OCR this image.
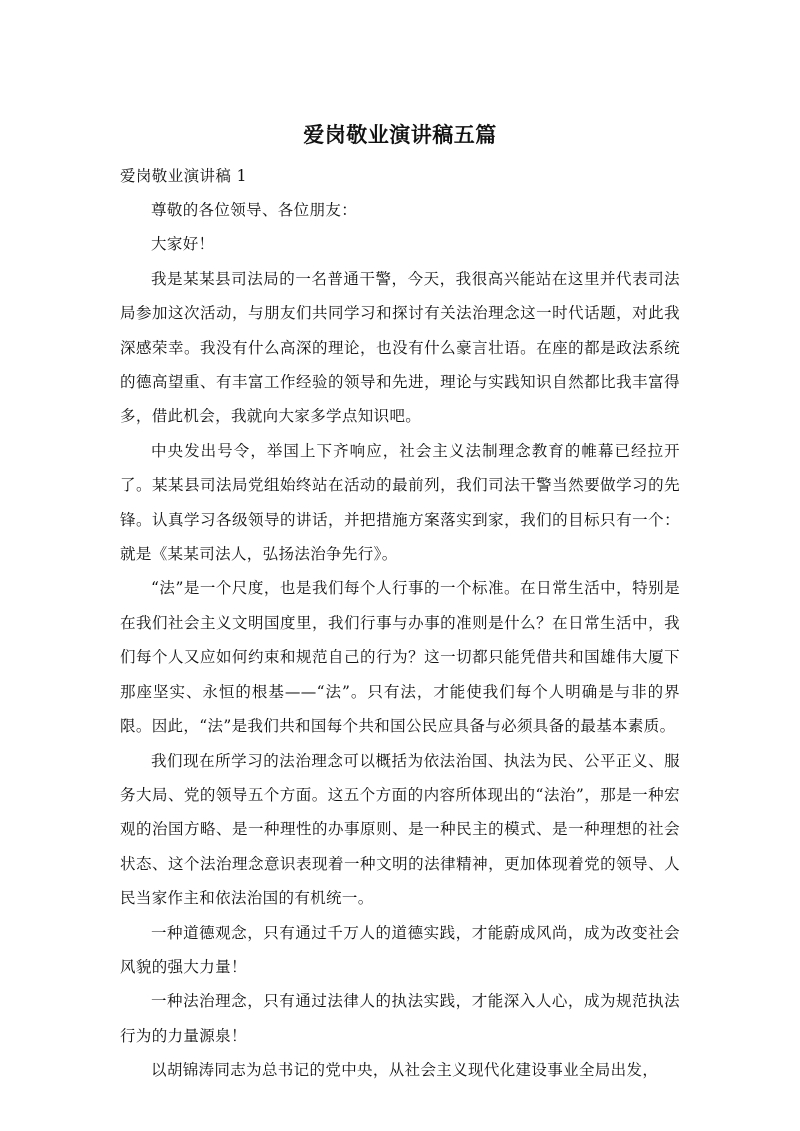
爱岗敬业演讲稿五篇
爱岗敬业演讲稿 1

尊敬的各位领导、各位朋友：

大家好！

我是某某县司法局的一名普通干警，今天，我很高兴能站在这里并代表司法局参加这次活动，与朋友们共同学习和探讨有关法治理念这一时代话题，对此我深感荣幸。我没有什么高深的理论，也没有什么豪言壮语。在座的都是政法系统的德高望重、有丰富工作经验的领导和先进，理论与实践知识自然都比我丰富得多，借此机会，我就向大家多学点知识吧。

中央发出号令，举国上下齐响应，社会主义法制理念教育的帷幕已经拉开了。某某县司法局党组始终站在活动的最前列，我们司法干警当然要做学习的先锋。认真学习各级领导的讲话，并把措施方案落实到家，我们的目标只有一个：就是《某某司法人，弘扬法治争先行》。

“法”是一个尺度，也是我们每个人行事的一个标准。在日常生活中，特别是在我们社会主义文明国度里，我们行事与办事的准则是什么？在日常生活中，我们每个人又应如何约束和规范自己的行为？这一切都只能凭借共和国雄伟大厦下那座坚实、永恒的根基——“法”。只有法，才能使我们每个人明确是与非的界限。因此，“法”是我们共和国每个共和国公民应具备与必须具备的最基本素质。

我们现在所学习的法治理念可以概括为依法治国、执法为民、公平正义、服务大局、党的领导五个方面。这五个方面的内容所体现出的“法治”，那是一种宏观的治国方略、是一种理性的办事原则、是一种民主的模式、是一种理想的社会状态、这个法治理念意识表现着一种文明的法律精神，更加体现着党的领导、人民当家作主和依法治国的有机统一。

一种道德观念，只有通过千万人的道德实践，才能蔚成风尚，成为改变社会风貌的强大力量！

一种法治理念，只有通过法律人的执法实践，才能深入人心，成为规范执法行为的力量源泉！

以胡锦涛同志为总书记的党中央，从社会主义现代化建设事业全局出发，
